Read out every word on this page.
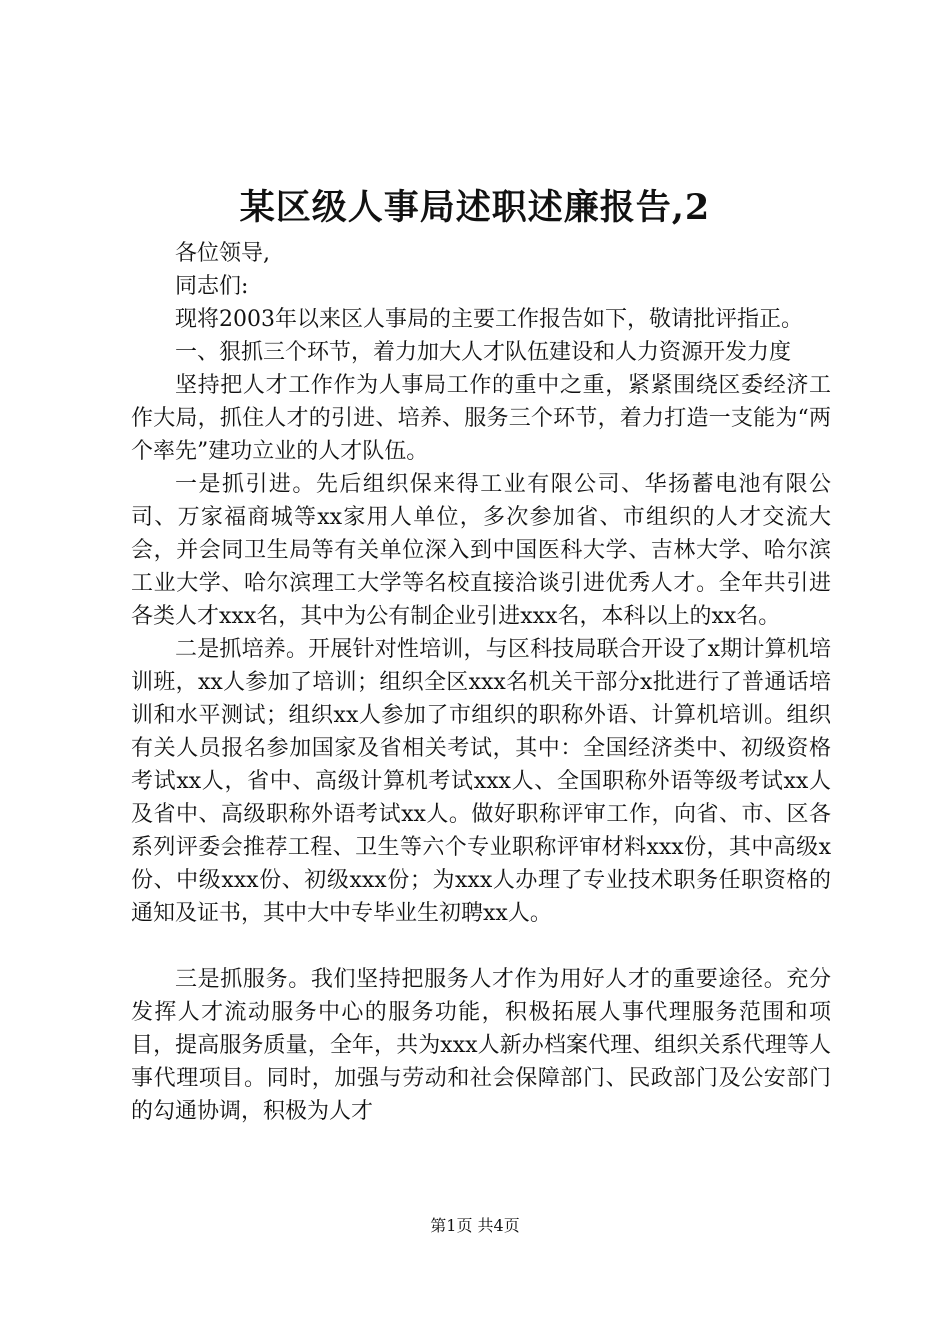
某区级人事局述职述廉报告,2

各位领导,

同志们:

现将2003年以来区人事局的主要工作报告如下，敬请批评指正。

一、狠抓三个环节，着力加大人才队伍建设和人力资源开发力度

坚持把人才工作作为人事局工作的重中之重，紧紧围绕区委经济工作大局，抓住人才的引进、培养、服务三个环节，着力打造一支能为“两个率先”建功立业的人才队伍。

一是抓引进。先后组织保来得工业有限公司、华扬蓄电池有限公司、万家福商城等xx家用人单位，多次参加省、市组织的人才交流大会，并会同卫生局等有关单位深入到中国医科大学、吉林大学、哈尔滨工业大学、哈尔滨理工大学等名校直接洽谈引进优秀人才。全年共引进各类人才xxx名，其中为公有制企业引进xxx名，本科以上的xx名。

二是抓培养。开展针对性培训，与区科技局联合开设了x期计算机培训班，xx人参加了培训；组织全区xxx名机关干部分x批进行了普通话培训和水平测试；组织xx人参加了市组织的职称外语、计算机培训。组织有关人员报名参加国家及省相关考试，其中：全国经济类中、初级资格考试xx人，省中、高级计算机考试xxx人、全国职称外语等级考试xx人及省中、高级职称外语考试xx人。做好职称评审工作，向省、市、区各系列评委会推荐工程、卫生等六个专业职称评审材料xxx份，其中高级x份、中级xxx份、初级xxx份；为xxx人办理了专业技术职务任职资格的通知及证书，其中大中专毕业生初聘xx人。

三是抓服务。我们坚持把服务人才作为用好人才的重要途径。充分发挥人才流动服务中心的服务功能，积极拓展人事代理服务范围和项目，提高服务质量，全年，共为xxx人新办档案代理、组织关系代理等人事代理项目。同时，加强与劳动和社会保障部门、民政部门及公安部门的勾通协调，积极为人才

第1页 共4页
